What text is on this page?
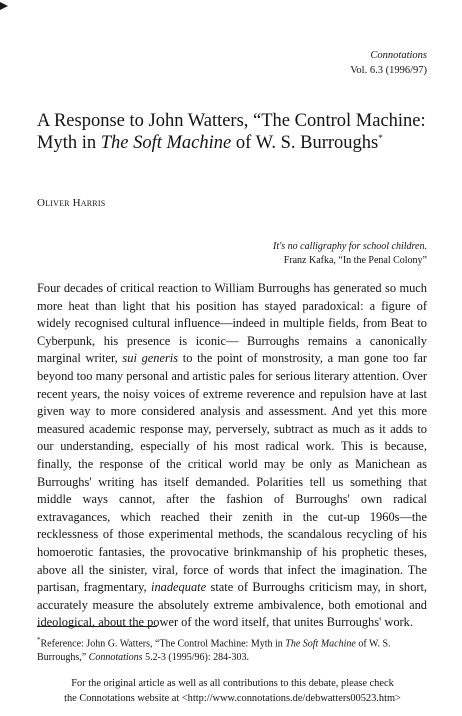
Connotations
Vol. 6.3 (1996/97)
A Response to John Watters, “The Control Machine: Myth in The Soft Machine of W. S. Burroughs*
Oliver Harris
It's no calligraphy for school children.
Franz Kafka, “In the Penal Colony”

Four decades of critical reaction to William Burroughs has generated so much more heat than light that his position has stayed paradoxical: a figure of widely recognised cultural influence—indeed in multiple fields, from Beat to Cyberpunk, his presence is iconic— Burroughs remains a canonically marginal writer, sui generis to the point of monstrosity, a man gone too far beyond too many personal and artistic pales for serious literary attention. Over recent years, the noisy voices of extreme reverence and repulsion have at last given way to more considered analysis and assessment. And yet this more measured academic response may, perversely, subtract as much as it adds to our understanding, especially of his most radical work. This is because, finally, the response of the critical world may be only as Manichean as Burroughs' writing has itself demanded. Polarities tell us something that middle ways cannot, after the fashion of Burroughs' own radical extravagances, which reached their zenith in the cut-up 1960s—the recklessness of those experimental methods, the scandalous recycling of his homoerotic fantasies, the provocative brinkmanship of his prophetic theses, above all the sinister, viral, force of words that infect the imagination. The partisan, fragmentary, inadequate state of Burroughs criticism may, in short, accurately measure the absolutely extreme ambivalence, both emotional and ideological, about the power of the word itself, that unites Burroughs' work.

*Reference: John G. Watters, “The Control Machine: Myth in The Soft Machine of W. S. Burroughs,” Connotations 5.2-3 (1995/96): 284-303.

For the original article as well as all contributions to this debate, please check
the Connotations website at <http://www.connotations.de/debwatters00523.htm>
